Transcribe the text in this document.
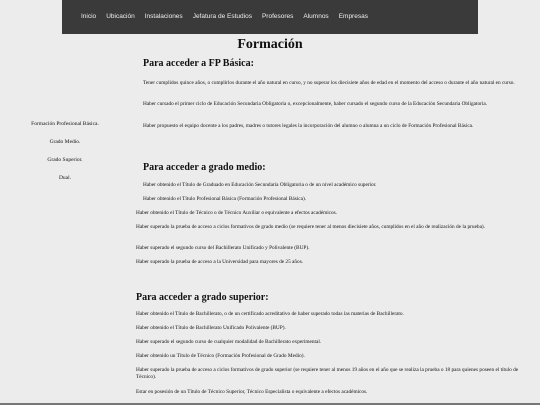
Inicio Ubicación Instalaciones Jefatura de Estudios Profesores Alumnos Empresas
Formación
Formación Profesional Básica.
Grado Medio.
Grado Superior.
Dual.
Para acceder a FP Básica:

Tener cumplidos quince años, o cumplirlos durante el año natural en curso, y no superar los diecisiete años de edad en el momento del acceso o durante el año natural en curso.

Haber cursado el primer ciclo de Educación Secundaria Obligatoria o, excepcionalmente, haber cursado el segundo curso de la Educación Secundaria Obligatoria.

Haber propuesto el equipo docente a los padres, madres o tutores legales la incorporación del alumno o alumna a un ciclo de Formación Profesional Básica.

Para acceder a grado medio:

Haber obtenido el Título de Graduado en Educación Secundaria Obligatoria o de un nivel académico superior.

Haber obtenido el Título Profesional Básica (Formación Profesional Básica).

Haber obtenido el Título de Técnico o de Técnico Auxiliar o equivalente a efectos académicos.

Haber superado la prueba de acceso a ciclos formativos de grado medio (se requiere tener al menos diecisiete años, cumplidos en el año de realización de la prueba).

Haber superado el segundo curso del Bachillerato Unificado y Polivalente (BUP).

Haber superado la prueba de acceso a la Universidad para mayores de 25 años.

Para acceder a grado superior:

Haber obtenido el Título de Bachillerato, o de un certificado acreditativo de haber superado todas las materias de Bachillerato.

Haber obtenido el Título de Bachillerato Unificado Polivalente (BUP).

Haber superado el segundo curso de cualquier modalidad de Bachillerato experimental.

Haber obtenido un Título de Técnico (Formación Profesional de Grado Medio).

Haber superado la prueba de acceso a ciclos formativos de grado superior (se requiere tener al menos 19 años en el año que se realiza la prueba o 18 para quienes poseen el título de Técnico).

Estar en posesión de un Título de Técnico Superior, Técnico Especialista o equivalente a efectos académicos.
